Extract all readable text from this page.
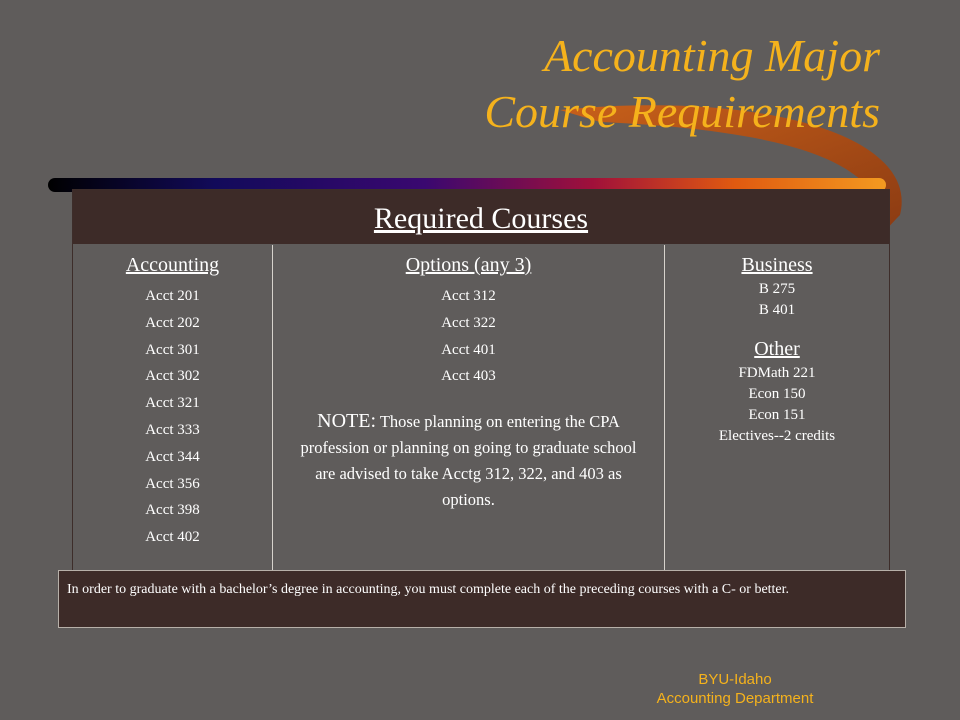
Accounting Major
Course Requirements
Required Courses
Accounting
Acct 201
Acct 202
Acct 301
Acct 302
Acct 321
Acct 333
Acct 344
Acct 356
Acct 398
Acct 402
Options (any 3)
Acct 312
Acct 322
Acct 401
Acct 403
NOTE: Those planning on entering the CPA profession or planning on going to graduate school are advised to take Acctg 312, 322, and 403 as options.
Business
B 275
B 401
Other
FDMath 221
Econ 150
Econ 151
Electives--2 credits
In order to graduate with a bachelor’s degree in accounting, you must complete each of the preceding courses with a C- or better.
BYU-Idaho
Accounting Department
